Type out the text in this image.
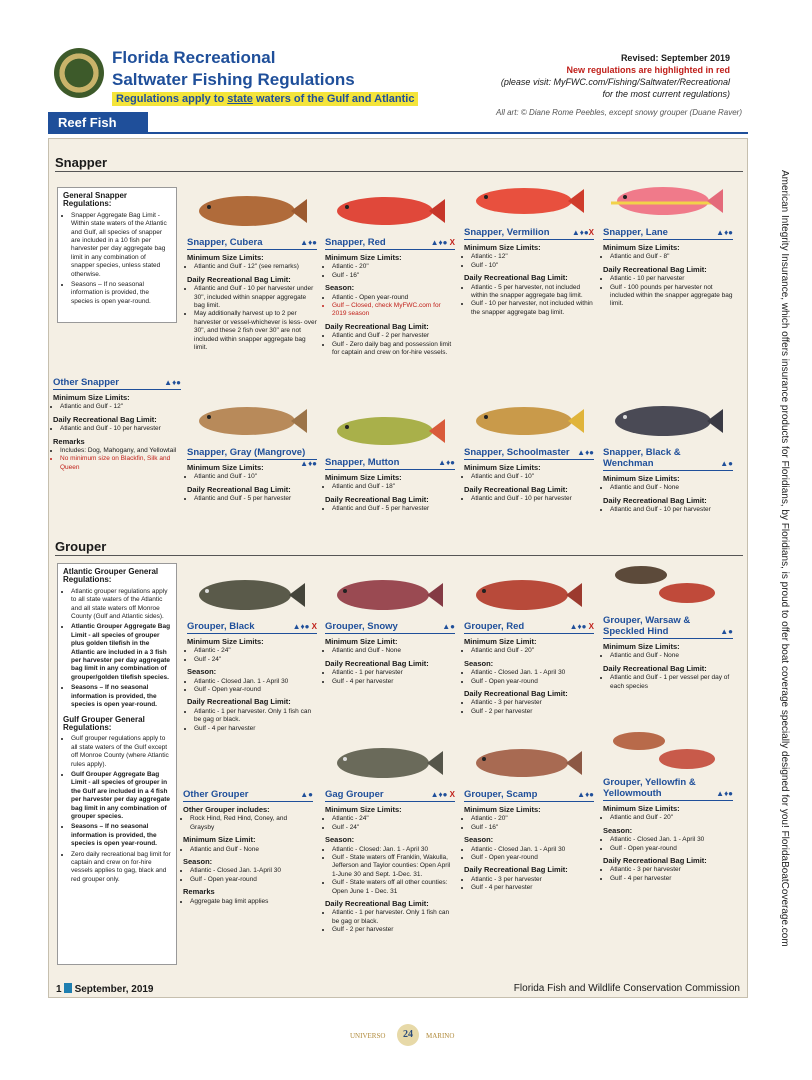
Florida Recreational
Saltwater Fishing Regulations
Regulations apply to state waters of the Gulf and Atlantic
Revised: September 2019
New regulations are highlighted in red
(please visit: MyFWC.com/Fishing/Saltwater/Recreational
for the most current regulations)
Reef Fish
All art: © Diane Rome Peebles, except snowy grouper (Duane Raver)
Snapper
General Snapper Regulations:
• Snapper Aggregate Bag Limit - Within state waters of the Atlantic and Gulf, all species of snapper are included in a 10 fish per harvester per day aggregate bag limit in any combination of snapper species, unless stated otherwise.
• Seasons – If no seasonal information is provided, the species is open year-round.
Other Snapper	▲♦●
Minimum Size Limits:
• Atlantic and Gulf - 12"
Daily Recreational Bag Limit:
• Atlantic and Gulf - 10 per harvester
Remarks
• Includes: Dog, Mahogany, and Yellowtail
• No minimum size on Blackfin, Silk and Queen
Snapper, Cubera	▲♦●
Minimum Size Limits:
• Atlantic and Gulf - 12" (see remarks)
Daily Recreational Bag Limit:
• Atlantic and Gulf - 10 per harvester under 30", included within snapper aggregate bag limit.
• May additionally harvest up to 2 per harvester or vessel-whichever is less- over 30", and these 2 fish over 30" are not included within snapper aggregate bag limit.
Snapper, Red	▲♦● X
Minimum Size Limits:
• Atlantic - 20"
• Gulf - 16"
Season:
• Atlantic - Open year-round
• Gulf – Closed, check MyFWC.com for 2019 season
Daily Recreational Bag Limit:
• Atlantic and Gulf - 2 per harvester
• Gulf - Zero daily bag and possession limit for captain and crew on for-hire vessels.
Snapper, Vermilion	▲♦●X
Minimum Size Limits:
• Atlantic - 12"
• Gulf - 10"
Daily Recreational Bag Limit:
• Atlantic - 5 per harvester, not included within the snapper aggregate bag limit.
• Gulf - 10 per harvester, not included within the snapper aggregate bag limit.
Snapper, Lane	▲♦●
Minimum Size Limits:
• Atlantic and Gulf - 8"
Daily Recreational Bag Limit:
• Atlantic - 10 per harvester
• Gulf - 100 pounds per harvester not included within the snapper aggregate bag limit.
Snapper, Gray (Mangrove)
▲♦●
Minimum Size Limits:
• Atlantic and Gulf - 10"
Daily Recreational Bag Limit:
• Atlantic and Gulf - 5 per harvester
Snapper, Mutton	▲♦●
Minimum Size Limits:
• Atlantic and Gulf - 18"
Daily Recreational Bag Limit:
• Atlantic and Gulf - 5 per harvester
Snapper, Schoolmaster ▲♦●
Minimum Size Limits:
• Atlantic and Gulf - 10"
Daily Recreational Bag Limit:
• Atlantic and Gulf - 10 per harvester
Snapper, Black & Wenchman	▲●
Minimum Size Limits:
• Atlantic and Gulf - None
Daily Recreational Bag Limit:
• Atlantic and Gulf - 10 per harvester
Grouper
Atlantic Grouper General Regulations:
• Atlantic grouper regulations apply to all state waters of the Atlantic and all state waters off Monroe County (Gulf and Atlantic sides).
• Atlantic Grouper Aggregate Bag Limit - all species of grouper plus golden tilefish in the Atlantic are included in a 3 fish per harvester per day aggregate bag limit in any combination of grouper/golden tilefish species.
• Seasons – If no seasonal information is provided, the species is open year-round.
Gulf Grouper General Regulations:
• Gulf grouper regulations apply to all state waters of the Gulf except off Monroe County (where Atlantic rules apply).
• Gulf Grouper Aggregate Bag Limit - all species of grouper in the Gulf are included in a 4 fish per harvester per day aggregate bag limit in any combination of grouper species.
• Seasons – If no seasonal information is provided, the species is open year-round.
• Zero daily recreational bag limit for captain and crew on for-hire vessels applies to gag, black and red grouper only.
Grouper, Black	▲♦● X
Minimum Size Limits:
• Atlantic - 24"
• Gulf - 24"
Season:
• Atlantic - Closed Jan. 1 - April 30
• Gulf - Open year-round
Daily Recreational Bag Limit:
• Atlantic - 1 per harvester. Only 1 fish can be gag or black.
• Gulf - 4 per harvester
Grouper, Snowy	▲●
Minimum Size Limit:
• Atlantic and Gulf - None
Daily Recreational Bag Limit:
• Atlantic - 1 per harvester
• Gulf - 4 per harvester
Grouper, Red	▲♦● X
Minimum Size Limit:
• Atlantic and Gulf - 20"
Season:
• Atlantic - Closed Jan. 1 - April 30
• Gulf - Open year-round
Daily Recreational Bag Limit:
• Atlantic - 3 per harvester
• Gulf - 2 per harvester
Grouper, Warsaw & Speckled Hind	▲●
Minimum Size Limits:
• Atlantic and Gulf - None
Daily Recreational Bag Limit:
• Atlantic and Gulf - 1 per vessel per day of each species
Other Grouper	▲●
Other Grouper includes:
• Rock Hind, Red Hind, Coney, and Graysby
Minimum Size Limit:
• Atlantic and Gulf - None
Season:
• Atlantic - Closed Jan. 1-April 30
• Gulf - Open year-round
Remarks
• Aggregate bag limit applies
Gag Grouper	▲♦● X
Minimum Size Limits:
• Atlantic - 24"
• Gulf - 24"
Season:
• Atlantic - Closed: Jan. 1 - April 30
• Gulf - State waters off Franklin, Wakulla, Jefferson and Taylor counties: Open April 1-June 30 and Sept. 1-Dec. 31.
• Gulf - State waters off all other counties: Open June 1 - Dec. 31
Daily Recreational Bag Limit:
• Atlantic - 1 per harvester. Only 1 fish can be gag or black.
• Gulf - 2 per harvester
Grouper, Scamp	▲♦●
Minimum Size Limits:
• Atlantic - 20"
• Gulf - 16"
Season:
• Atlantic - Closed Jan. 1 - April 30
• Gulf - Open year-round
Daily Recreational Bag Limit:
• Atlantic - 3 per harvester
• Gulf - 4 per harvester
Grouper, Yellowfin & Yellowmouth	▲♦●
Minimum Size Limits:
• Atlantic and Gulf - 20"
Season:
• Atlantic - Closed Jan. 1 - April 30
• Gulf - Open year-round
Daily Recreational Bag Limit:
• Atlantic - 3 per harvester
• Gulf - 4 per harvester
1 September, 2019	Florida Fish and Wildlife Conservation Commission
American Integrity Insurance, which offers insurance products for Floridians, by Floridians, is proud to offer boat coverage specially designed for you! FloridaBoatCoverage.com
UNIVERSO	24	MARINO
